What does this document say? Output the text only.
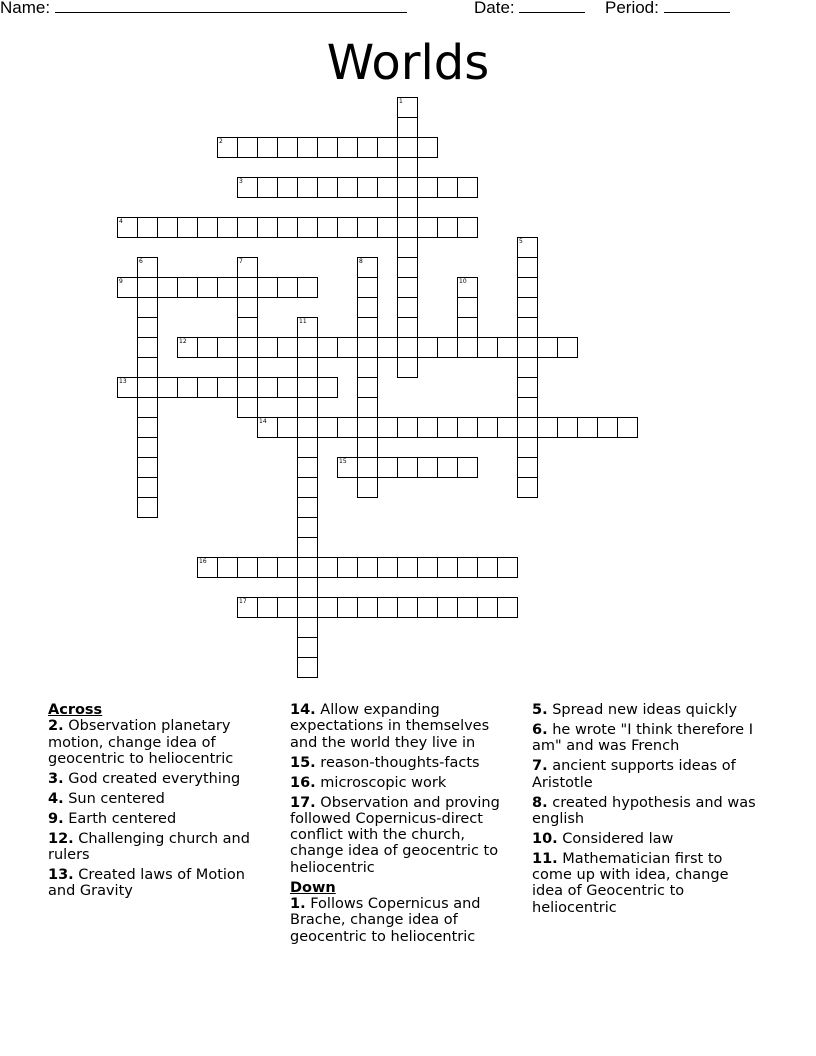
Name:	Date:	Period:
Worlds
1
2
3
4
5
6	7	8
9	10
11
12
13
14
15
16
17
Across
2. Observation planetary motion, change idea of geocentric to heliocentric
3. God created everything
4. Sun centered
9. Earth centered
12. Challenging church and rulers
13. Created laws of Motion and Gravity
14. Allow expanding expectations in themselves and the world they live in
15. reason-thoughts-facts
16. microscopic work
17. Observation and proving followed Copernicus-direct conflict with the church, change idea of geocentric to heliocentric
Down
1. Follows Copernicus and Brache, change idea of geocentric to heliocentric
5. Spread new ideas quickly
6. he wrote "I think therefore I am" and was French
7. ancient supports ideas of Aristotle
8. created hypothesis and was english
10. Considered law
11. Mathematician first to come up with idea, change idea of Geocentric to heliocentric
